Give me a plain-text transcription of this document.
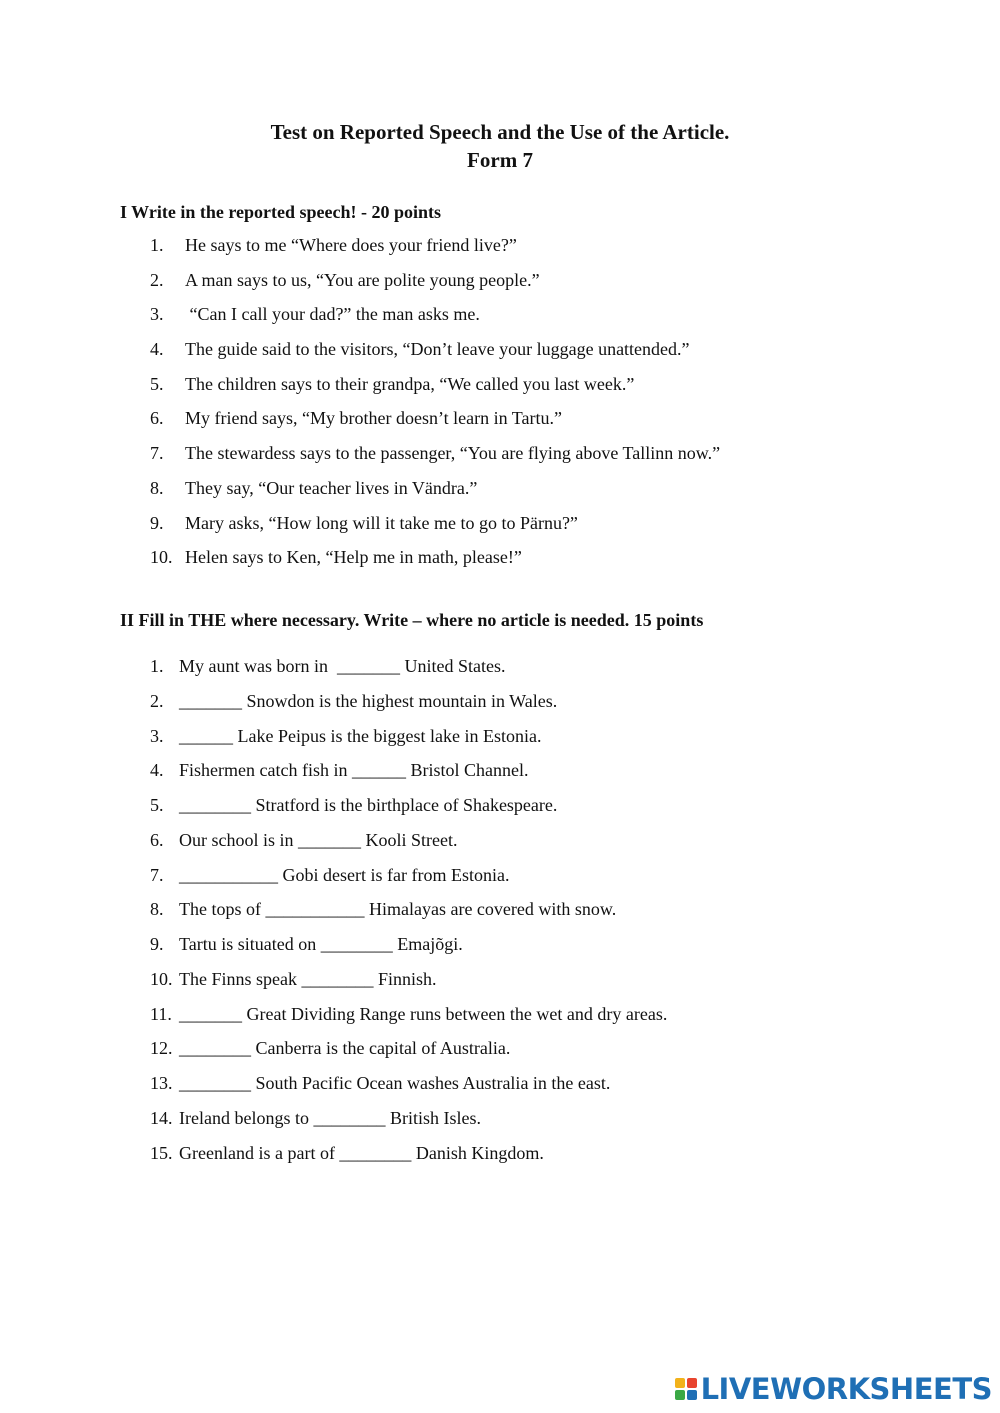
Test on Reported Speech and the Use of the Article.
Form 7
I Write in the reported speech! - 20 points
1.	He says to me “Where does your friend live?”
2.	A man says to us, “You are polite young people.”
3.	“Can I call your dad?” the man asks me.
4.	The guide said to the visitors, “Don’t leave your luggage unattended.”
5.	The children says to their grandpa, “We called you last week.”
6.	My friend says, “My brother doesn’t learn in Tartu.”
7.	The stewardess says to the passenger, “You are flying above Tallinn now.”
8.	They say, “Our teacher lives in Vändra.”
9.	Mary asks, “How long will it take me to go to Pärnu?”
10. Helen says to Ken, “Help me in math, please!”
II Fill in THE where necessary. Write – where no article is needed. 15 points
1. My aunt was born in  _______ United States.
2. _______ Snowdon is the highest mountain in Wales.
3. ______ Lake Peipus is the biggest lake in Estonia.
4. Fishermen catch fish in ______ Bristol Channel.
5. ________ Stratford is the birthplace of Shakespeare.
6. Our school is in _______ Kooli Street.
7. ___________ Gobi desert is far from Estonia.
8. The tops of ___________ Himalayas are covered with snow.
9. Tartu is situated on ________ Emajõgi.
10. The Finns speak ________ Finnish.
11. _______ Great Dividing Range runs between the wet and dry areas.
12. ________ Canberra is the capital of Australia.
13. ________ South Pacific Ocean washes Australia in the east.
14. Ireland belongs to ________ British Isles.
15. Greenland is a part of ________ Danish Kingdom.
LIVEWORKSHEETS
